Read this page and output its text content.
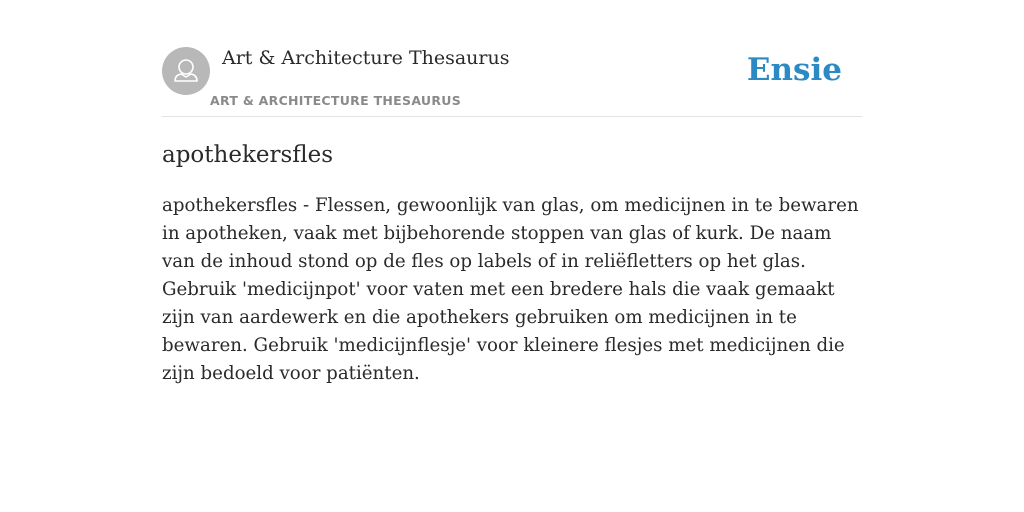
Art & Architecture Thesaurus
ART & ARCHITECTURE THESAURUS
Ensie
apothekersfles

apothekersfles - Flessen, gewoonlijk van glas, om medicijnen in te bewaren in apotheken, vaak met bijbehorende stoppen van glas of kurk. De naam van de inhoud stond op de fles op labels of in reliëfletters op het glas. Gebruik 'medicijnpot' voor vaten met een bredere hals die vaak gemaakt zijn van aardewerk en die apothekers gebruiken om medicijnen in te bewaren. Gebruik 'medicijnflesje' voor kleinere flesjes met medicijnen die zijn bedoeld voor patiënten.
